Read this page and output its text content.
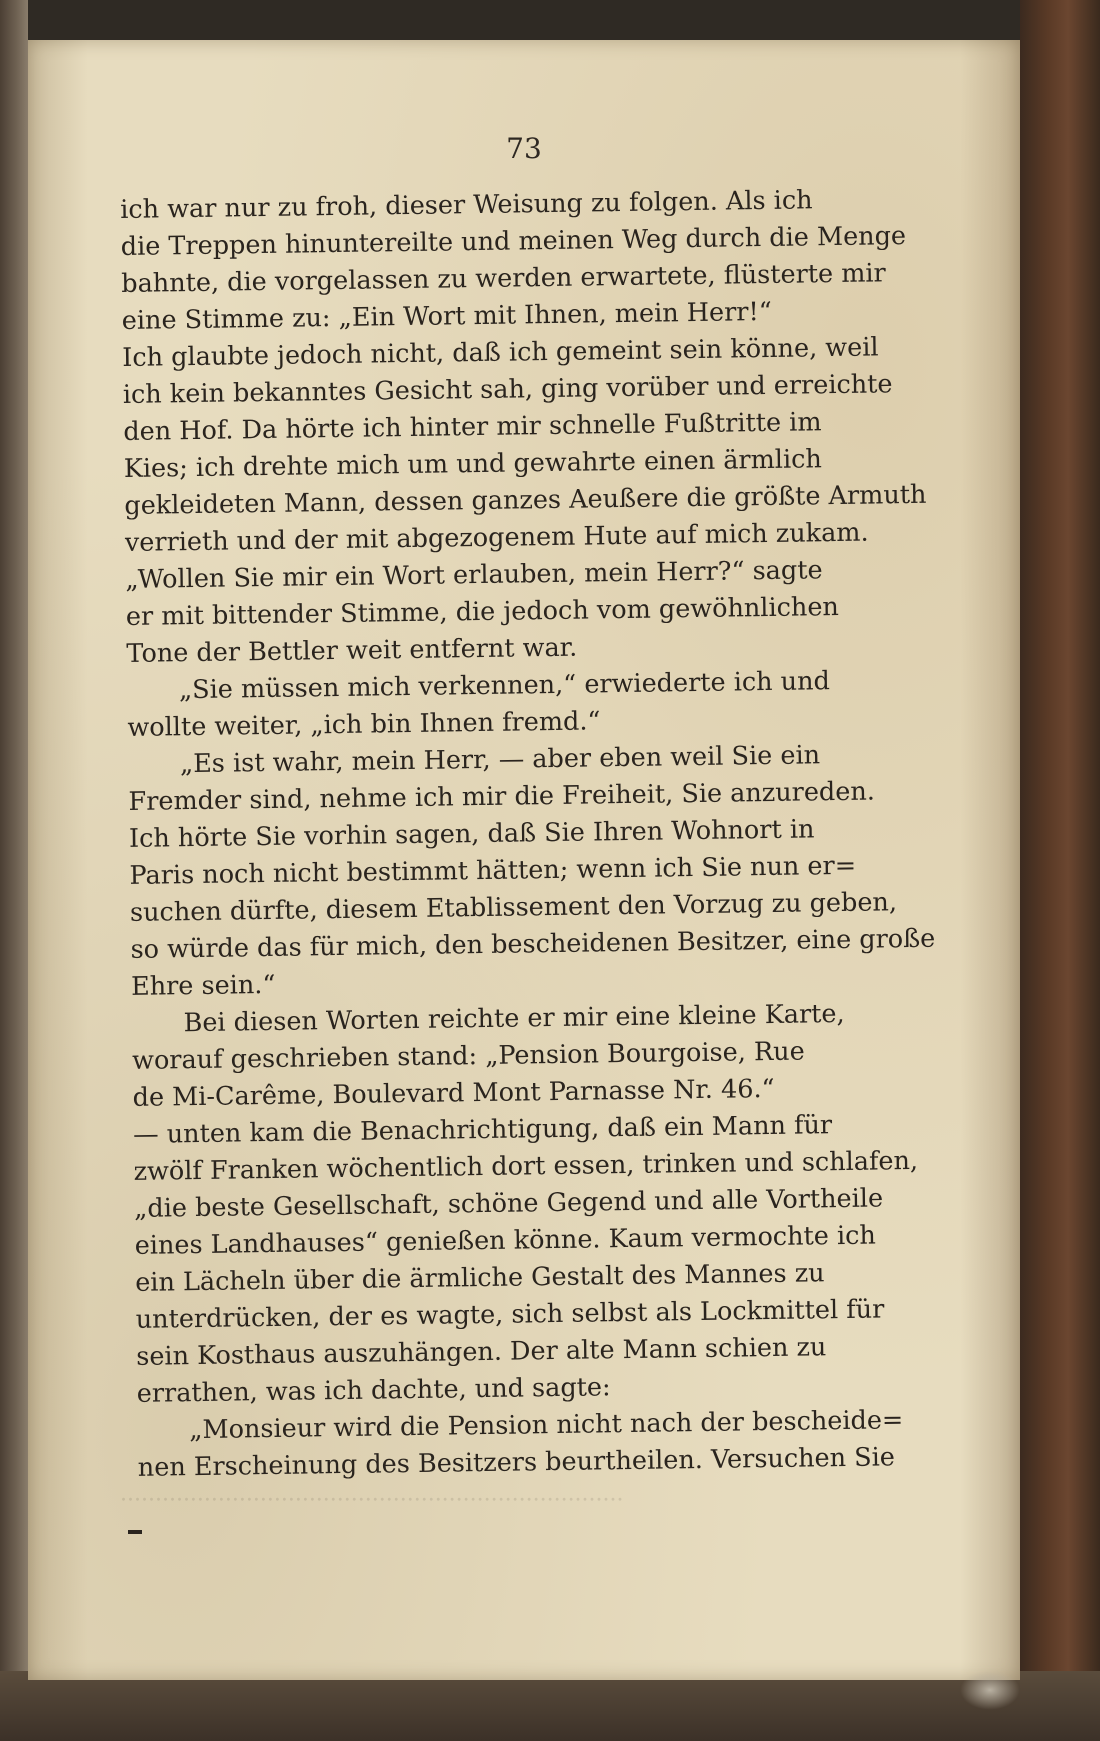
73
ich war nur zu froh, dieser Weisung zu folgen. Als ich
die Treppen hinuntereilte und meinen Weg durch die Menge
bahnte, die vorgelassen zu werden erwartete, flüsterte mir
eine Stimme zu: „Ein Wort mit Ihnen, mein Herr!“
Ich glaubte jedoch nicht, daß ich gemeint sein könne, weil
ich kein bekanntes Gesicht sah, ging vorüber und erreichte
den Hof. Da hörte ich hinter mir schnelle Fußtritte im
Kies; ich drehte mich um und gewahrte einen ärmlich
gekleideten Mann, dessen ganzes Aeußere die größte Armuth
verrieth und der mit abgezogenem Hute auf mich zukam.
„Wollen Sie mir ein Wort erlauben, mein Herr?“ sagte
er mit bittender Stimme, die jedoch vom gewöhnlichen
Tone der Bettler weit entfernt war.
„Sie müssen mich verkennen,“ erwiederte ich und
wollte weiter, „ich bin Ihnen fremd.“
„Es ist wahr, mein Herr, — aber eben weil Sie ein
Fremder sind, nehme ich mir die Freiheit, Sie anzureden.
Ich hörte Sie vorhin sagen, daß Sie Ihren Wohnort in
Paris noch nicht bestimmt hätten; wenn ich Sie nun er=
suchen dürfte, diesem Etablissement den Vorzug zu geben,
so würde das für mich, den bescheidenen Besitzer, eine große
Ehre sein.“
Bei diesen Worten reichte er mir eine kleine Karte,
worauf geschrieben stand: „Pension Bourgoise, Rue
de Mi-Carême, Boulevard Mont Parnasse Nr. 46.“
— unten kam die Benachrichtigung, daß ein Mann für
zwölf Franken wöchentlich dort essen, trinken und schlafen,
„die beste Gesellschaft, schöne Gegend und alle Vortheile
eines Landhauses“ genießen könne. Kaum vermochte ich
ein Lächeln über die ärmliche Gestalt des Mannes zu
unterdrücken, der es wagte, sich selbst als Lockmittel für
sein Kosthaus auszuhängen. Der alte Mann schien zu
errathen, was ich dachte, und sagte:
„Monsieur wird die Pension nicht nach der bescheide=
nen Erscheinung des Besitzers beurtheilen. Versuchen Sie
........................................................................
